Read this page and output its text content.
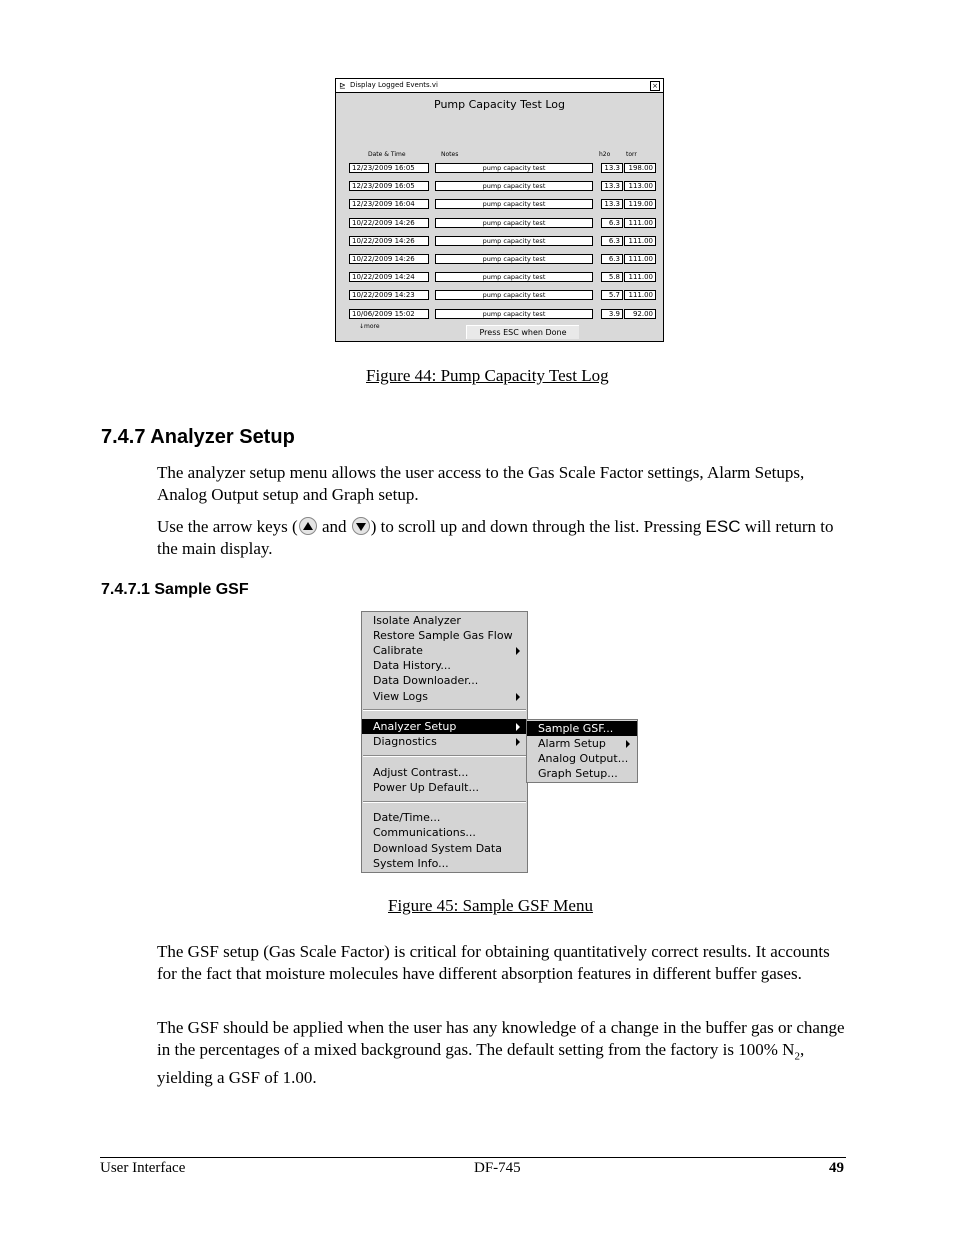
⊵ Display Logged Events.vi	×
Pump Capacity Test Log
Date & Time	Notes	h2o	torr
12/23/2009 16:05	pump capacity test	13.3	198.00
12/23/2009 16:05	pump capacity test	13.3	113.00
12/23/2009 16:04	pump capacity test	13.3	119.00
10/22/2009 14:26	pump capacity test	6.3	111.00
10/22/2009 14:26	pump capacity test	6.3	111.00
10/22/2009 14:26	pump capacity test	6.3	111.00
10/22/2009 14:24	pump capacity test	5.8	111.00
10/22/2009 14:23	pump capacity test	5.7	111.00
10/06/2009 15:02	pump capacity test	3.9	92.00
↓more
Press ESC when Done
Figure 44: Pump Capacity Test Log
7.4.7 Analyzer Setup

The analyzer setup menu allows the user access to the Gas Scale Factor settings, Alarm Setups, Analog Output setup and Graph setup.

Use the arrow keys ( and ) to scroll up and down through the list. Pressing ESC will return to the main display.

7.4.7.1 Sample GSF
Isolate Analyzer
Restore Sample Gas Flow
Calibrate
Data History...
Data Downloader...
View Logs
Analyzer Setup
Diagnostics
Adjust Contrast...
Power Up Default...
Date/Time...
Communications...
Download System Data
System Info...
Sample GSF...
Alarm Setup
Analog Output...
Graph Setup...
Figure 45: Sample GSF Menu

The GSF setup (Gas Scale Factor) is critical for obtaining quantitatively correct results. It accounts for the fact that moisture molecules have different absorption features in different buffer gases.

The GSF should be applied when the user has any knowledge of a change in the buffer gas or change in the percentages of a mixed background gas. The default setting from the factory is 100% $N_2$, yielding a GSF of 1.00.

User Interface	DF-745	49
